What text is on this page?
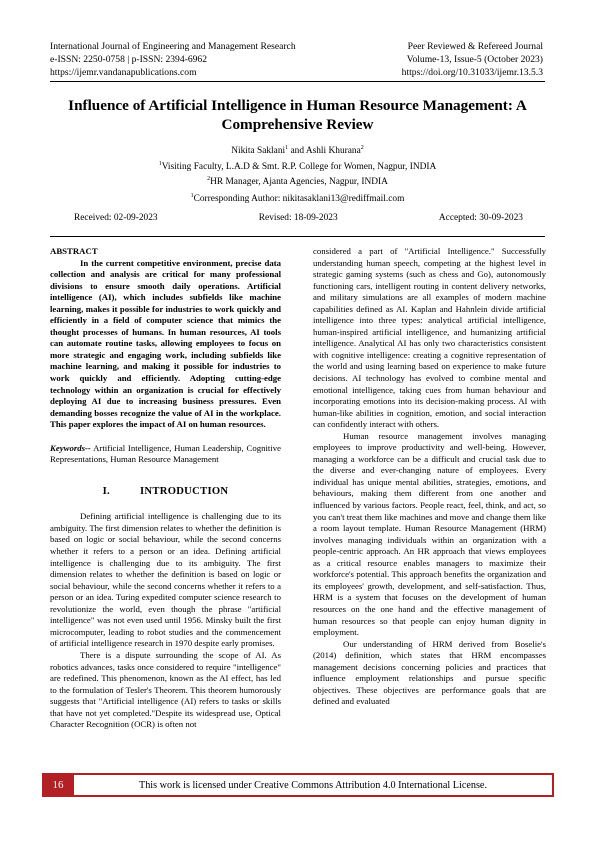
International Journal of Engineering and Management Research
e-ISSN: 2250-0758 | p-ISSN: 2394-6962
https://ijemr.vandanapublications.com
Peer Reviewed & Refereed Journal
Volume-13, Issue-5 (October 2023)
https://doi.org/10.31033/ijemr.13.5.3
Influence of Artificial Intelligence in Human Resource Management: A Comprehensive Review
Nikita Saklani$^1$ and Ashli Khurana$^2$
$^1$Visiting Faculty, L.A.D & Smt. R.P. College for Women, Nagpur, INDIA
$^2$HR Manager, Ajanta Agencies, Nagpur, INDIA
$^1$Corresponding Author: nikitasaklani13@rediffmail.com
Received: 02-09-2023	Revised: 18-09-2023	Accepted: 30-09-2023

ABSTRACT

In the current competitive environment, precise data collection and analysis are critical for many professional divisions to ensure smooth daily operations. Artificial intelligence (AI), which includes subfields like machine learning, makes it possible for industries to work quickly and efficiently in a field of computer science that mimics the thought processes of humans. In human resources, AI tools can automate routine tasks, allowing employees to focus on more strategic and engaging work, including subfields like machine learning, and making it possible for industries to work quickly and efficiently. Adopting cutting-edge technology within an organization is crucial for effectively deploying AI due to increasing business pressures. Even demanding bosses recognize the value of AI in the workplace. This paper explores the impact of AI on human resources.

Keywords-- Artificial Intelligence, Human Leadership, Cognitive Representations, Human Resource Management

I.	INTRODUCTION

Defining artificial intelligence is challenging due to its ambiguity. The first dimension relates to whether the definition is based on logic or social behaviour, while the second concerns whether it refers to a person or an idea. Defining artificial intelligence is challenging due to its ambiguity. The first dimension relates to whether the definition is based on logic or social behaviour, while the second concerns whether it refers to a person or an idea. Turing expedited computer science research to revolutionize the world, even though the phrase "artificial intelligence" was not even used until 1956. Minsky built the first microcomputer, leading to robot studies and the commencement of artificial intelligence research in 1970 despite early promises.

There is a dispute surrounding the scope of AI. As robotics advances, tasks once considered to require "intelligence" are redefined. This phenomenon, known as the AI effect, has led to the formulation of Tesler's Theorem. This theorem humorously suggests that "Artificial intelligence (AI) refers to tasks or skills that have not yet completed."Despite its widespread use, Optical Character Recognition (OCR) is often not

considered a part of "Artificial Intelligence." Successfully understanding human speech, competing at the highest level in strategic gaming systems (such as chess and Go), autonomously functioning cars, intelligent routing in content delivery networks, and military simulations are all examples of modern machine capabilities defined as AI. Kaplan and Hahnlein divide artificial intelligence into three types: analytical artificial intelligence, human-inspired artificial intelligence, and humanizing artificial intelligence. Analytical AI has only two characteristics consistent with cognitive intelligence: creating a cognitive representation of the world and using learning based on experience to make future decisions. AI technology has evolved to combine mental and emotional intelligence, taking cues from human behaviour and incorporating emotions into its decision-making process. AI with human-like abilities in cognition, emotion, and social interaction can confidently interact with others.

Human resource management involves managing employees to improve productivity and well-being. However, managing a workforce can be a difficult and crucial task due to the diverse and ever-changing nature of employees. Every individual has unique mental abilities, strategies, emotions, and behaviours, making them different from one another and influenced by various factors. People react, feel, think, and act, so you can't treat them like machines and move and change them like a room layout template. Human Resource Management (HRM) involves managing individuals within an organization with a people-centric approach. An HR approach that views employees as a critical resource enables managers to maximize their workforce's potential. This approach benefits the organization and its employees' growth, development, and self-satisfaction. Thus, HRM is a system that focuses on the development of human resources on the one hand and the effective management of human resources so that people can enjoy human dignity in employment.

Our understanding of HRM derived from Boselie's (2014) definition, which states that HRM encompasses management decisions concerning policies and practices that influence employment relationships and pursue specific objectives. These objectives are performance goals that are defined and evaluated

16	This work is licensed under Creative Commons Attribution 4.0 International License.
